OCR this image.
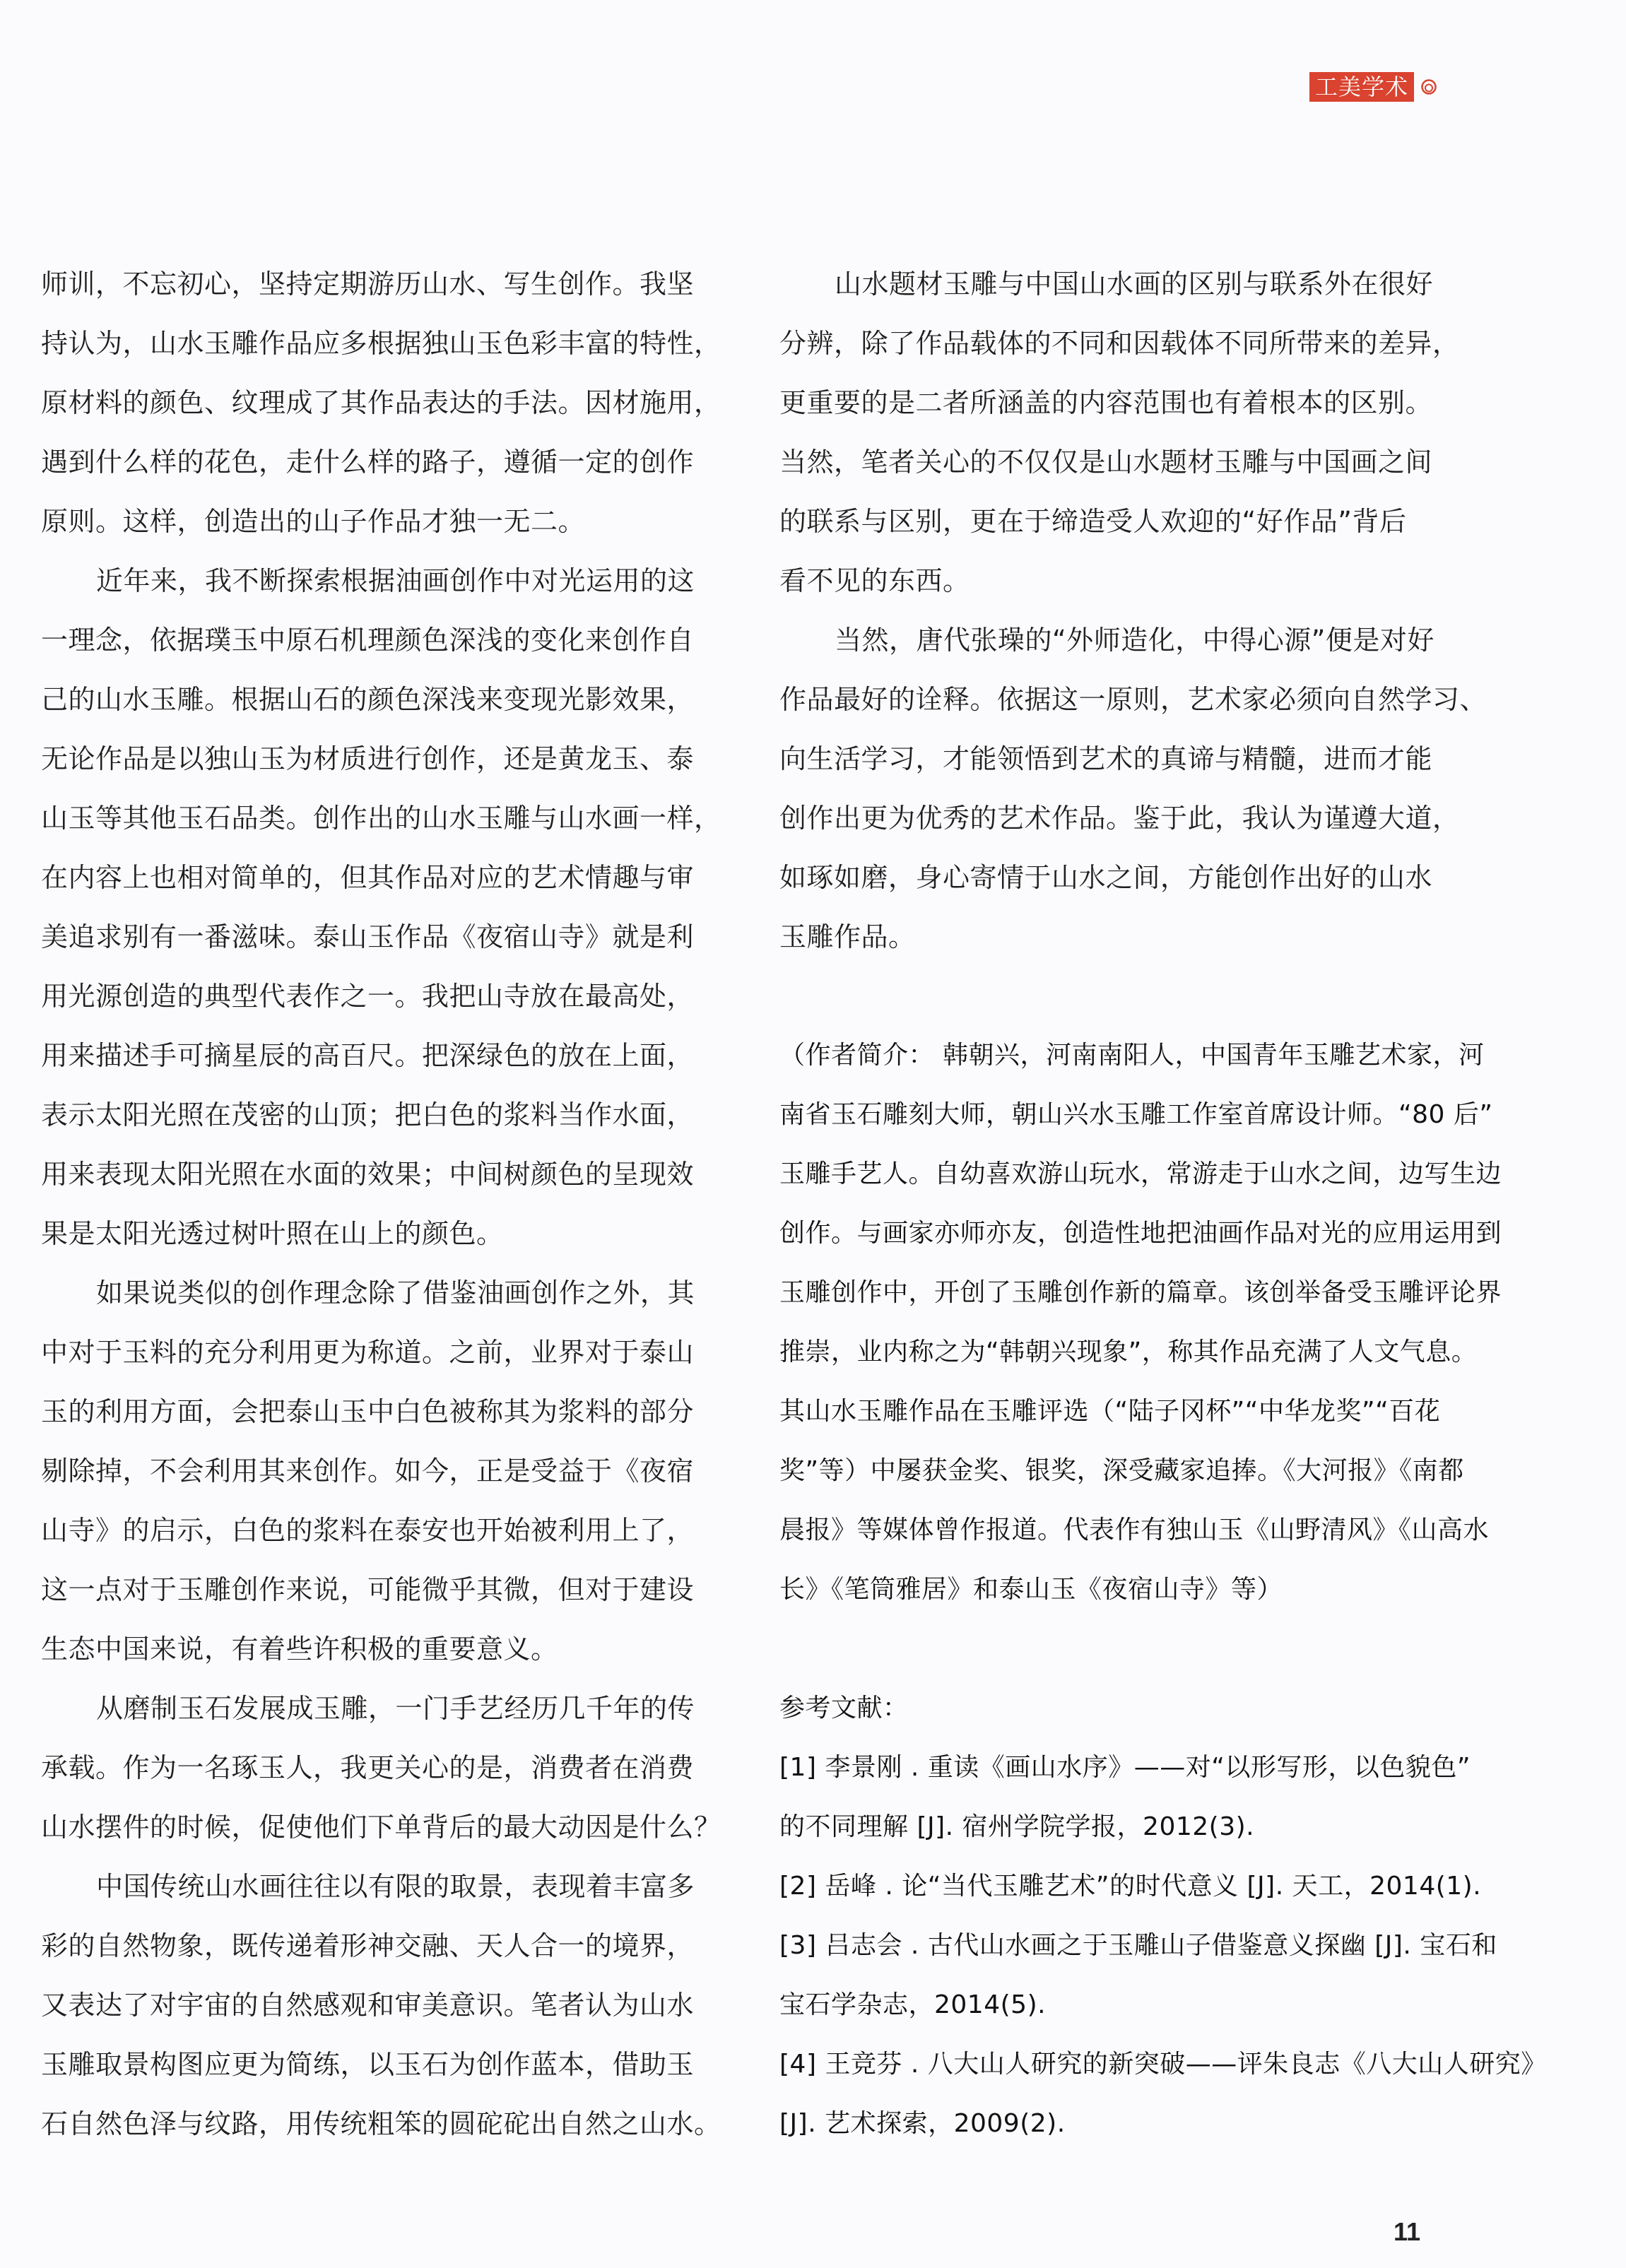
工美学术
师训，不忘初心，坚持定期游历山水、写生创作。我坚
持认为，山水玉雕作品应多根据独山玉色彩丰富的特性，
原材料的颜色、纹理成了其作品表达的手法。因材施用，
遇到什么样的花色，走什么样的路子，遵循一定的创作
原则。这样，创造出的山子作品才独一无二。
近年来，我不断探索根据油画创作中对光运用的这
一理念，依据璞玉中原石机理颜色深浅的变化来创作自
己的山水玉雕。根据山石的颜色深浅来变现光影效果，
无论作品是以独山玉为材质进行创作，还是黄龙玉、泰
山玉等其他玉石品类。创作出的山水玉雕与山水画一样，
在内容上也相对简单的，但其作品对应的艺术情趣与审
美追求别有一番滋味。泰山玉作品《夜宿山寺》就是利
用光源创造的典型代表作之一。我把山寺放在最高处，
用来描述手可摘星辰的高百尺。把深绿色的放在上面，
表示太阳光照在茂密的山顶；把白色的浆料当作水面，
用来表现太阳光照在水面的效果；中间树颜色的呈现效
果是太阳光透过树叶照在山上的颜色。
如果说类似的创作理念除了借鉴油画创作之外，其
中对于玉料的充分利用更为称道。之前，业界对于泰山
玉的利用方面，会把泰山玉中白色被称其为浆料的部分
剔除掉，不会利用其来创作。如今，正是受益于《夜宿
山寺》的启示，白色的浆料在泰安也开始被利用上了，
这一点对于玉雕创作来说，可能微乎其微，但对于建设
生态中国来说，有着些许积极的重要意义。
从磨制玉石发展成玉雕，一门手艺经历几千年的传
承载。作为一名琢玉人，我更关心的是，消费者在消费
山水摆件的时候，促使他们下单背后的最大动因是什么？
中国传统山水画往往以有限的取景，表现着丰富多
彩的自然物象，既传递着形神交融、天人合一的境界，
又表达了对宇宙的自然感观和审美意识。笔者认为山水
玉雕取景构图应更为简练，以玉石为创作蓝本，借助玉
石自然色泽与纹路，用传统粗笨的圆砣砣出自然之山水。
山水题材玉雕与中国山水画的区别与联系外在很好
分辨，除了作品载体的不同和因载体不同所带来的差异，
更重要的是二者所涵盖的内容范围也有着根本的区别。
当然，笔者关心的不仅仅是山水题材玉雕与中国画之间
的联系与区别，更在于缔造受人欢迎的“好作品”背后
看不见的东西。
当然，唐代张璪的“外师造化，中得心源”便是对好
作品最好的诠释。依据这一原则，艺术家必须向自然学习、
向生活学习，才能领悟到艺术的真谛与精髓，进而才能
创作出更为优秀的艺术作品。鉴于此，我认为谨遵大道，
如琢如磨，身心寄情于山水之间，方能创作出好的山水
玉雕作品。
（作者简介： 韩朝兴，河南南阳人，中国青年玉雕艺术家，河
南省玉石雕刻大师，朝山兴水玉雕工作室首席设计师。“80 后”
玉雕手艺人。自幼喜欢游山玩水，常游走于山水之间，边写生边
创作。与画家亦师亦友，创造性地把油画作品对光的应用运用到
玉雕创作中，开创了玉雕创作新的篇章。该创举备受玉雕评论界
推崇，业内称之为“韩朝兴现象”，称其作品充满了人文气息。
其山水玉雕作品在玉雕评选（“陆子冈杯”“中华龙奖”“百花
奖”等）中屡获金奖、银奖，深受藏家追捧。《大河报》《南都
晨报》等媒体曾作报道。代表作有独山玉《山野清风》《山高水
长》《笔筒雅居》和泰山玉《夜宿山寺》等）
参考文献：
[1] 李景刚 . 重读《画山水序》——对“以形写形，以色貌色”
的不同理解 [J]. 宿州学院学报，2012(3).
[2] 岳峰 . 论“当代玉雕艺术”的时代意义 [J]. 天工，2014(1).
[3] 吕志会 . 古代山水画之于玉雕山子借鉴意义探幽 [J]. 宝石和
宝石学杂志，2014(5).
[4] 王竞芬 . 八大山人研究的新突破——评朱良志《八大山人研究》
[J]. 艺术探索，2009(2).
11
